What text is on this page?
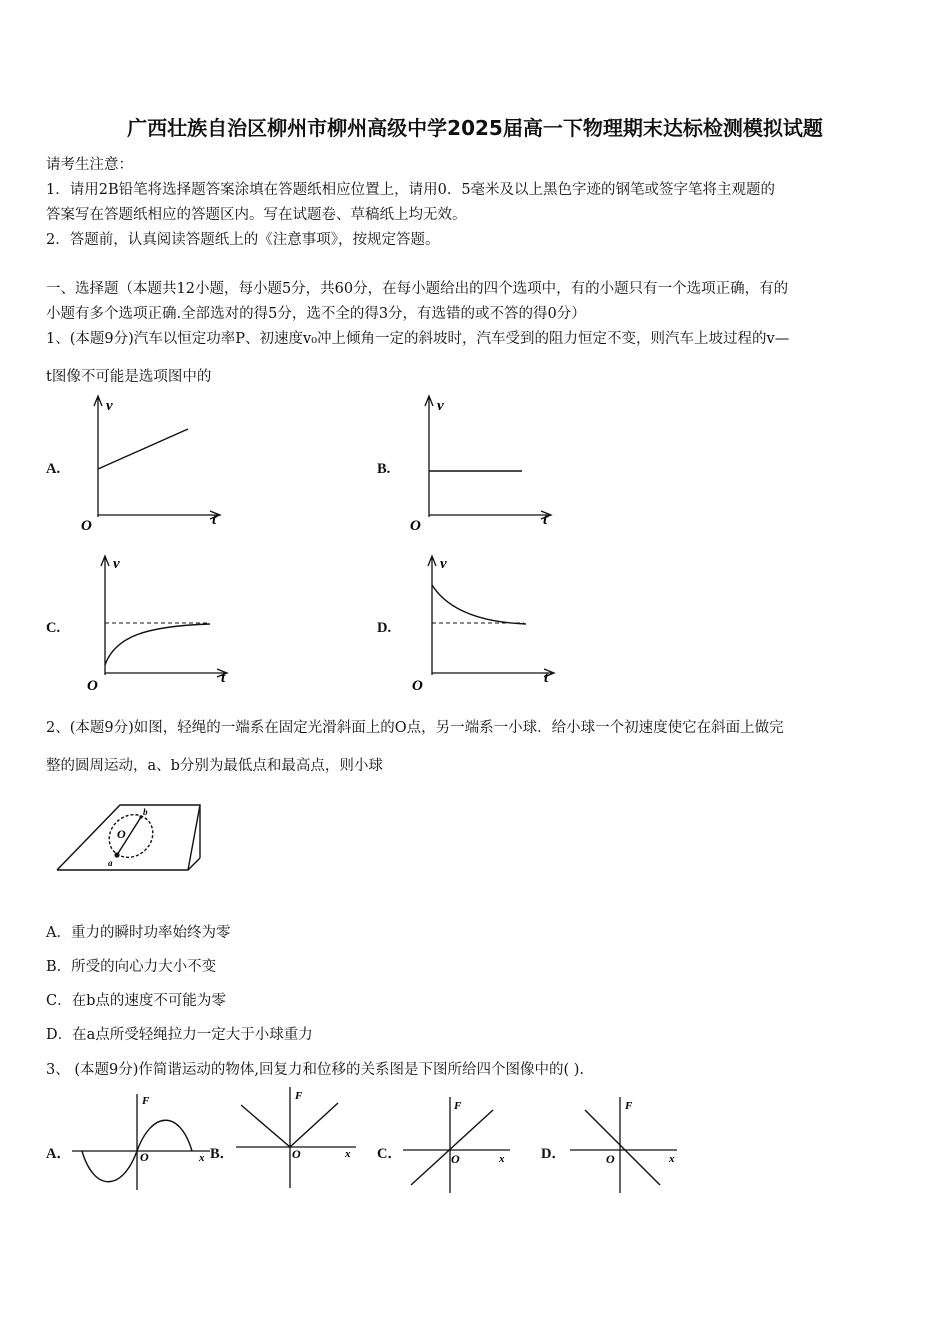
广西壮族自治区柳州市柳州高级中学2025届高一下物理期末达标检测模拟试题
请考生注意：
1．请用2B铅笔将选择题答案涂填在答题纸相应位置上，请用0．5毫米及以上黑色字迹的钢笔或签字笔将主观题的
答案写在答题纸相应的答题区内。写在试题卷、草稿纸上均无效。
2．答题前，认真阅读答题纸上的《注意事项》，按规定答题。
一、选择题（本题共12小题，每小题5分，共60分，在每小题给出的四个选项中，有的小题只有一个选项正确，有的
小题有多个选项正确.全部选对的得5分，选不全的得3分，有选错的或不答的得0分）
1、(本题9分)汽车以恒定功率P、初速度v₀冲上倾角一定的斜坡时，汽车受到的阻力恒定不变，则汽车上坡过程的v—
t图像不可能是选项图中的
A.	B.
C.	D.
v
t
O
v
t
O
v
t
O
v
t
O
2、(本题9分)如图，轻绳的一端系在固定光滑斜面上的O点，另一端系一小球．给小球一个初速度使它在斜面上做完
整的圆周运动，a、b分别为最低点和最高点，则小球
O
a
b
A．重力的瞬时功率始终为零
B．所受的向心力大小不变
C．在b点的速度不可能为零
D．在a点所受轻绳拉力一定大于小球重力
3、 (本题9分)作简谐运动的物体,回复力和位移的关系图是下图所给四个图像中的( ).
A．	B．	C．	D．
F
x
O
F
x
O
F
x
O
F
x
O
